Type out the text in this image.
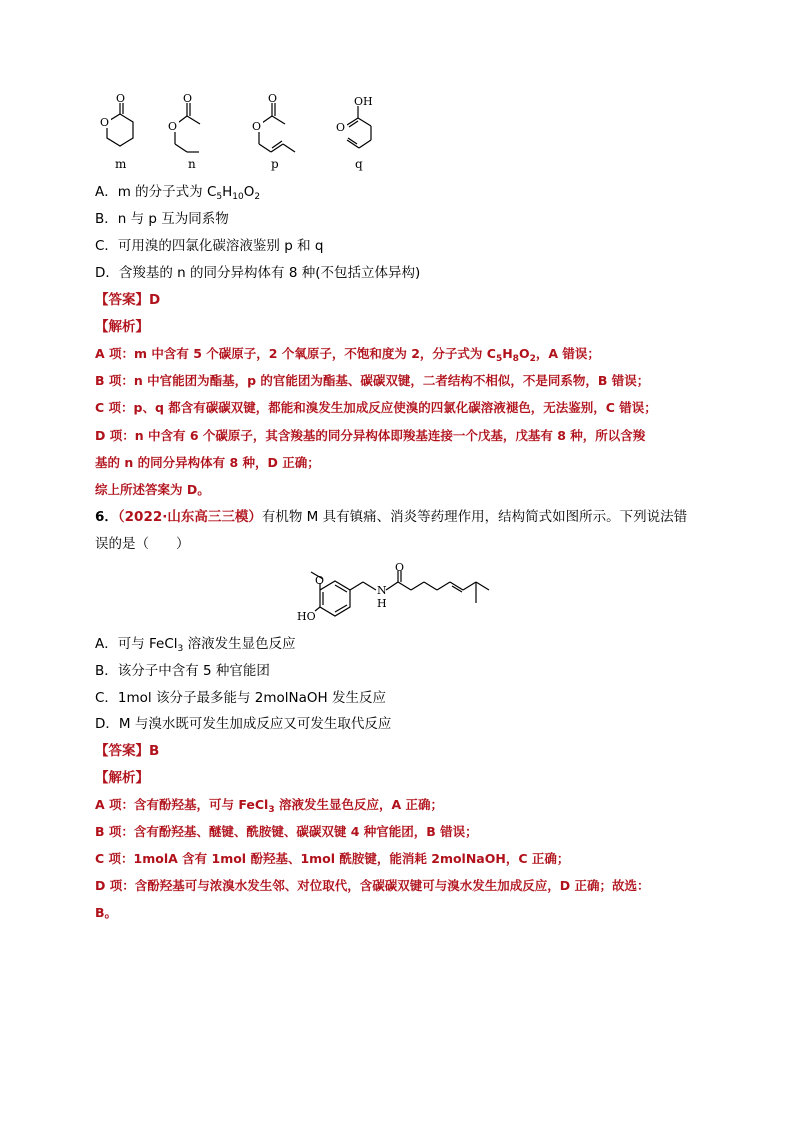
O
O
m
O
O
n
O
O
p
O
OH
q
A．m 的分子式为 $C_5H_{10}O_2$
B．n 与 p 互为同系物
C．可用溴的四氯化碳溶液鉴别 p 和 q
D．含羧基的 n 的同分异构体有 8 种(不包括立体异构)
【答案】D
【解析】
A 项：m 中含有 5 个碳原子，2 个氧原子，不饱和度为 2，分子式为 $C_5H_8O_2$，A 错误；
B 项：n 中官能团为酯基，p 的官能团为酯基、碳碳双键，二者结构不相似，不是同系物，B 错误；
C 项：p、q 都含有碳碳双键，都能和溴发生加成反应使溴的四氯化碳溶液褪色，无法鉴别，C 错误；
D 项：n 中含有 6 个碳原子，其含羧基的同分异构体即羧基连接一个戊基，戊基有 8 种，所以含羧
基的 n 的同分异构体有 8 种，D 正确；
综上所述答案为 D。
6．（2022·山东高三三模）有机物 M 具有镇痛、消炎等药理作用，结构简式如图所示。下列说法错
误的是（　　）
O
HO
N
H
O
A．可与 FeCl$_3$ 溶液发生显色反应
B．该分子中含有 5 种官能团
C．1mol 该分子最多能与 2molNaOH 发生反应
D．M 与溴水既可发生加成反应又可发生取代反应
【答案】B
【解析】
A 项：含有酚羟基，可与 FeCl$_3$ 溶液发生显色反应，A 正确；
B 项：含有酚羟基、醚键、酰胺键、碳碳双键 4 种官能团，B 错误；
C 项：1molA 含有 1mol 酚羟基、1mol 酰胺键，能消耗 2molNaOH，C 正确；
D 项：含酚羟基可与浓溴水发生邻、对位取代，含碳碳双键可与溴水发生加成反应，D 正确；故选：
B。
